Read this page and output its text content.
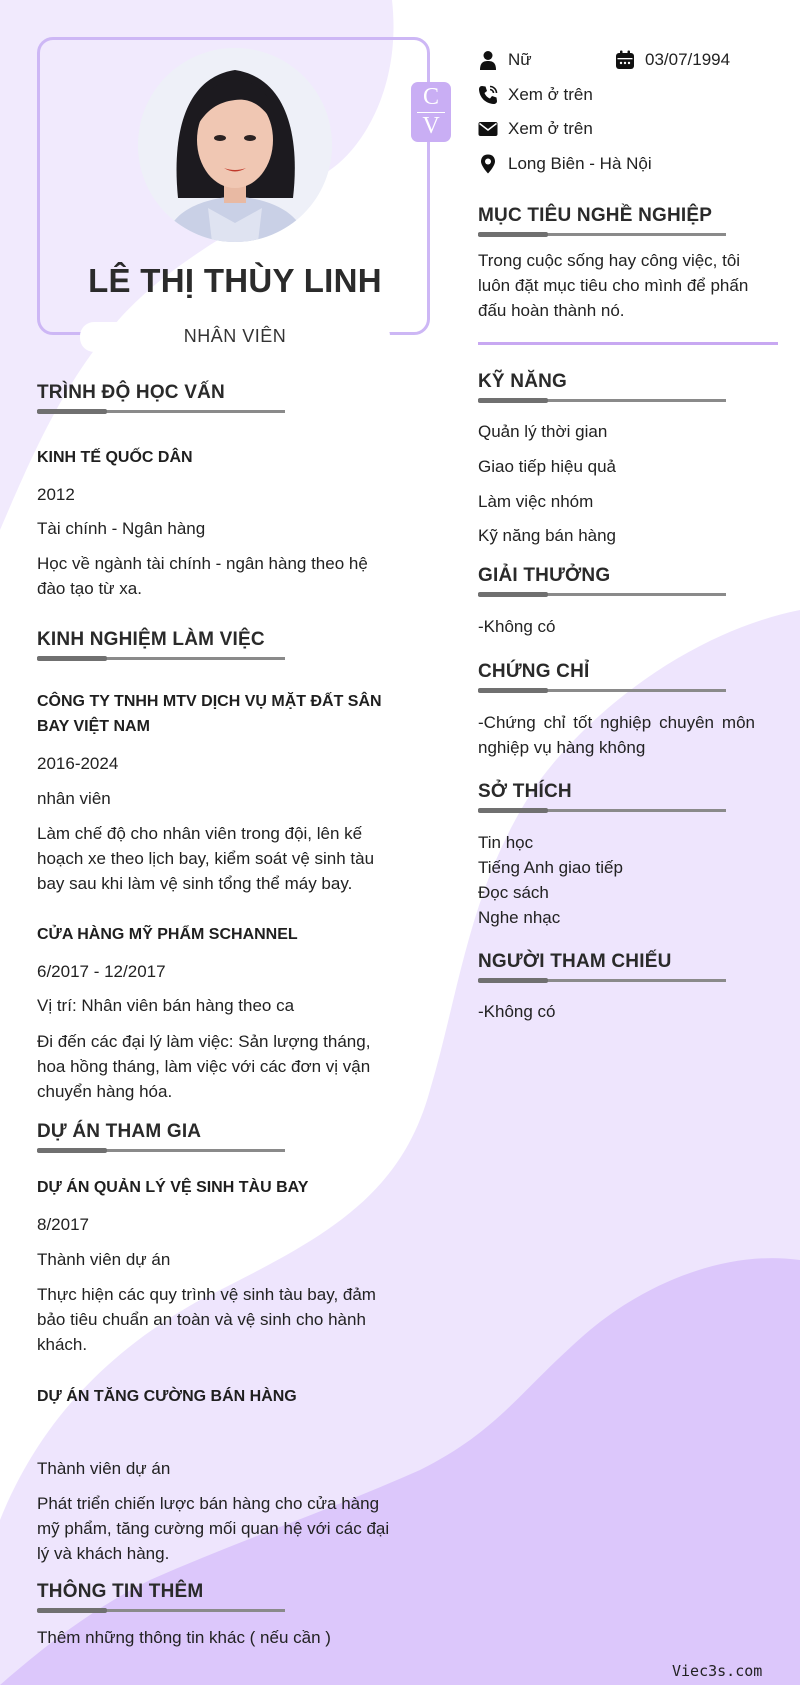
LÊ THỊ THÙY LINH
NHÂN VIÊN
C
V
Nữ	03/07/1994
Xem ở trên
Xem ở trên
Long Biên - Hà Nội
MỤC TIÊU NGHỀ NGHIỆP
Trong cuộc sống hay công việc, tôi luôn đặt mục tiêu cho mình để phấn đấu hoàn thành nó.
KỸ NĂNG
Quản lý thời gian
Giao tiếp hiệu quả
Làm việc nhóm
Kỹ năng bán hàng
GIẢI THƯỞNG
-Không có
CHỨNG CHỈ
-Chứng chỉ tốt nghiệp chuyên môn nghiệp vụ hàng không
SỞ THÍCH
Tin học
Tiếng Anh giao tiếp
Đọc sách
Nghe nhạc
NGƯỜI THAM CHIẾU
-Không có
TRÌNH ĐỘ HỌC VẤN
KINH TẾ QUỐC DÂN
2012
Tài chính - Ngân hàng
Học về ngành tài chính - ngân hàng theo hệ đào tạo từ xa.
KINH NGHIỆM LÀM VIỆC
CÔNG TY TNHH MTV DỊCH VỤ MẶT ĐẤT SÂN BAY VIỆT NAM
2016-2024
nhân viên
Làm chế độ cho nhân viên trong đội, lên kế hoạch xe theo lịch bay, kiểm soát vệ sinh tàu bay sau khi làm vệ sinh tổng thể máy bay.
CỬA HÀNG MỸ PHẨM SCHANNEL
6/2017 - 12/2017
Vị trí: Nhân viên bán hàng theo ca
Đi đến các đại lý làm việc: Sản lượng tháng, hoa hồng tháng, làm việc với các đơn vị vận chuyển hàng hóa.
DỰ ÁN THAM GIA
DỰ ÁN QUẢN LÝ VỆ SINH TÀU BAY
8/2017
Thành viên dự án
Thực hiện các quy trình vệ sinh tàu bay, đảm bảo tiêu chuẩn an toàn và vệ sinh cho hành khách.
DỰ ÁN TĂNG CƯỜNG BÁN HÀNG
Thành viên dự án
Phát triển chiến lược bán hàng cho cửa hàng mỹ phẩm, tăng cường mối quan hệ với các đại lý và khách hàng.
THÔNG TIN THÊM
Thêm những thông tin khác ( nếu cần )
Viec3s.com
